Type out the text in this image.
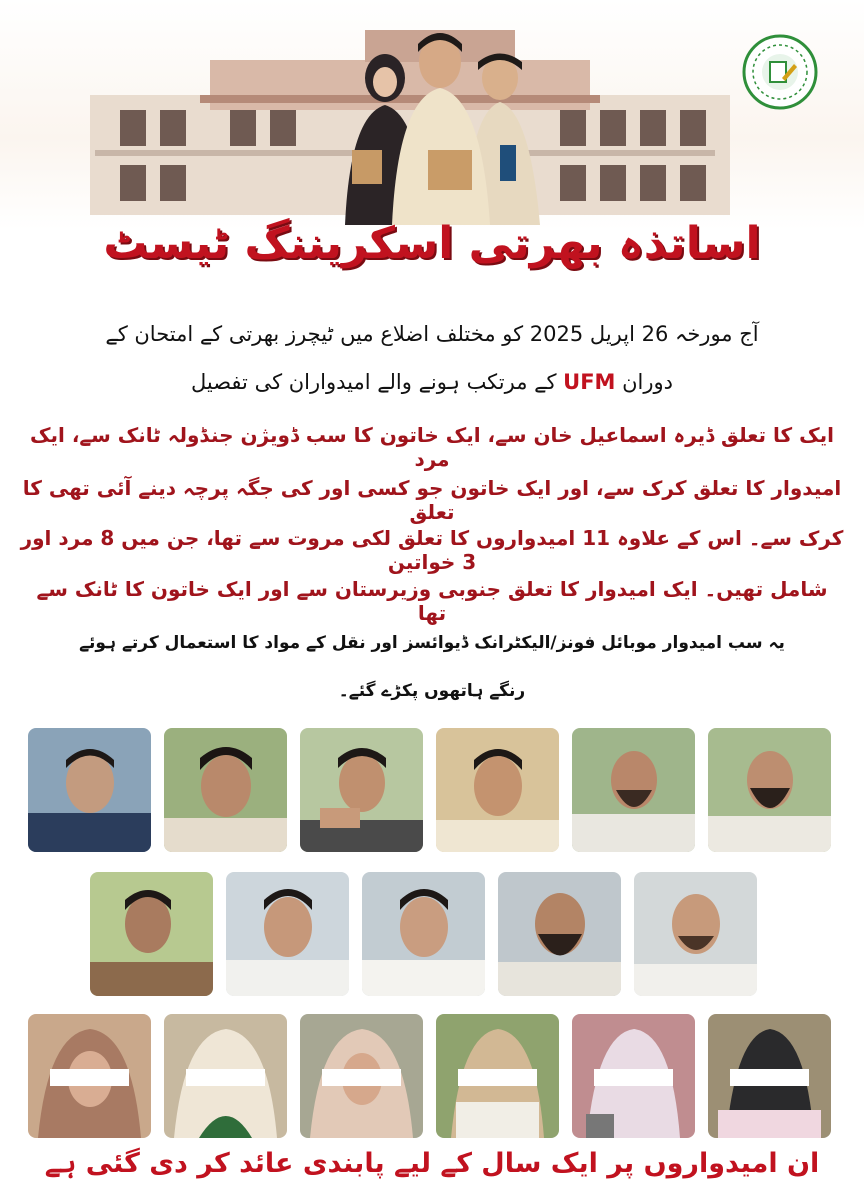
اساتذہ بھرتی اسکریننگ ٹیسٹ
آج مورخہ 26 اپریل 2025 کو مختلف اضلاع میں ٹیچرز بھرتی کے امتحان کے
دوران UFM کے مرتکب ہونے والے امیدواران کی تفصیل
ایک کا تعلق ڈیرہ اسماعیل خان سے، ایک خاتون کا سب ڈویژن جنڈولہ ٹانک سے، ایک مرد
امیدوار کا تعلق کرک سے، اور ایک خاتون جو کسی اور کی جگہ پرچہ دینے آئی تھی کا تعلق
کرک سے۔ اس کے علاوہ 11 امیدواروں کا تعلق لکی مروت سے تھا، جن میں 8 مرد اور 3 خواتین
شامل تھیں۔ ایک امیدوار کا تعلق جنوبی وزیرستان سے اور ایک خاتون کا ٹانک سے تھا
یہ سب امیدوار موبائل فونز/الیکٹرانک ڈیوائسز اور نقل کے مواد کا استعمال کرتے ہوئے
رنگے ہاتھوں پکڑے گئے۔
ان امیدواروں پر ایک سال کے لیے پابندی عائد کر دی گئی ہے
